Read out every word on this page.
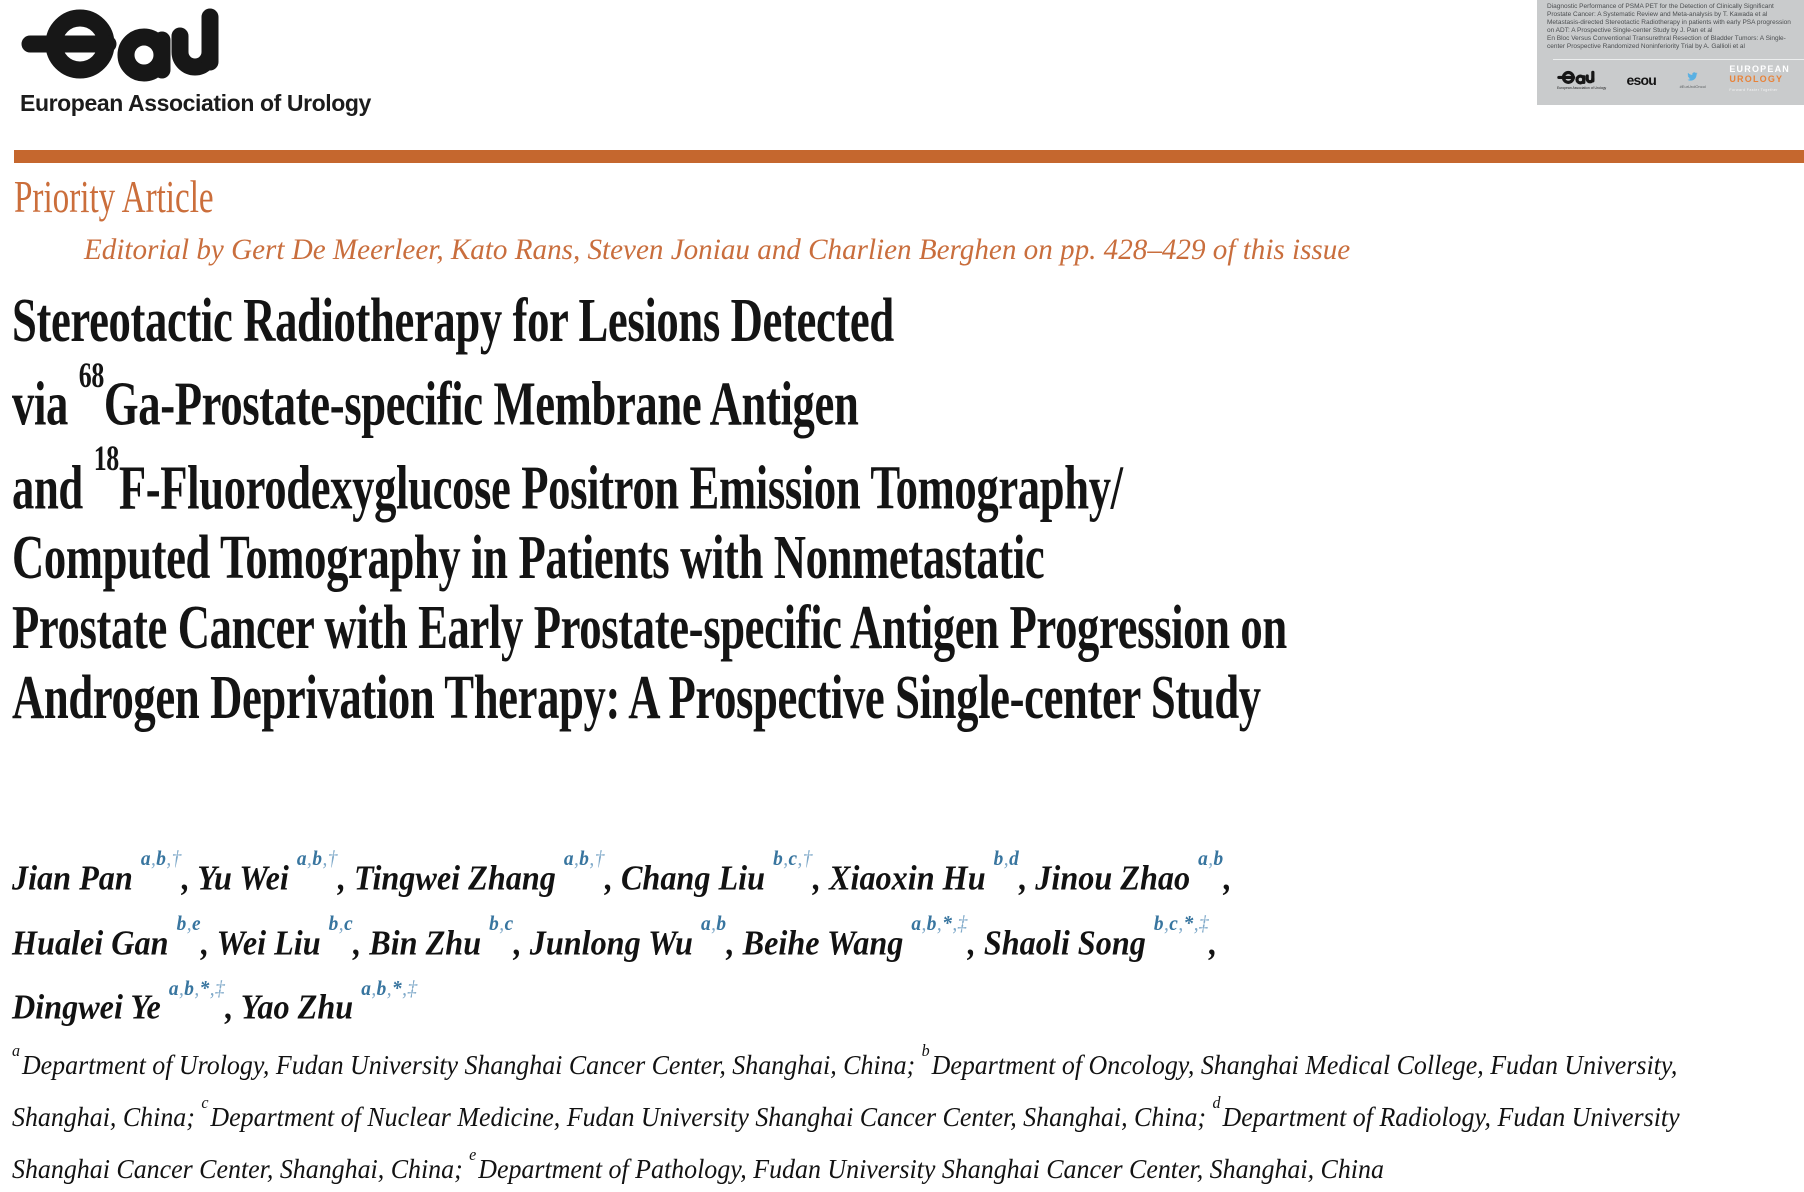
European Association of Urology
Diagnostic Performance of PSMA PET for the Detection of Clinically Significant Prostate Cancer: A Systematic Review and Meta-analysis by T. Kawada et al
Metastasis-directed Stereotactic Radiotherapy in patients with early PSA progression on ADT: A Prospective Single-center Study by J. Pan et al
En Bloc Versus Conventional Transurethral Resection of Bladder Tumors: A Single-center Prospective Randomized Noninferiority Trial by A. Gallioli et al
European Association of Urology esou	#EurUrolOncol
EUROPEAN
UROLOGY
Forward Faster Together
Priority Article
Editorial by Gert De Meerleer, Kato Rans, Steven Joniau and Charlien Berghen on pp. 428–429 of this issue
Stereotactic Radiotherapy for Lesions Detected
via $^{68}$Ga-Prostate-specific Membrane Antigen
and $^{18}$F-Fluorodexyglucose Positron Emission Tomography/
Computed Tomography in Patients with Nonmetastatic
Prostate Cancer with Early Prostate-specific Antigen Progression on
Androgen Deprivation Therapy: A Prospective Single-center Study
Jian Pan $^{a,b,\dagger}$, Yu Wei $^{a,b,\dagger}$, Tingwei Zhang $^{a,b,\dagger}$, Chang Liu $^{b,c,\dagger}$, Xiaoxin Hu $^{b,d}$, Jinou Zhao $^{a,b}$,
Hualei Gan $^{b,e}$, Wei Liu $^{b,c}$, Bin Zhu $^{b,c}$, Junlong Wu $^{a,b}$, Beihe Wang $^{a,b,*,\ddagger}$, Shaoli Song $^{b,c,*,\ddagger}$,
Dingwei Ye $^{a,b,*,\ddagger}$, Yao Zhu $^{a,b,*,\ddagger}$
$^a$Department of Urology, Fudan University Shanghai Cancer Center, Shanghai, China; $^b$Department of Oncology, Shanghai Medical College, Fudan University,
Shanghai, China; $^c$Department of Nuclear Medicine, Fudan University Shanghai Cancer Center, Shanghai, China; $^d$Department of Radiology, Fudan University
Shanghai Cancer Center, Shanghai, China; $^e$Department of Pathology, Fudan University Shanghai Cancer Center, Shanghai, China
